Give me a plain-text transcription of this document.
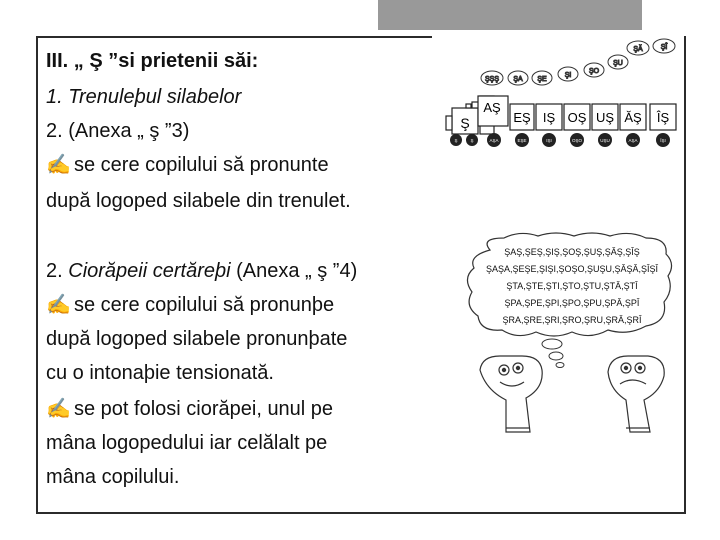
III. „ Ş ”si prietenii săi:
1. Trenuleþul silabelor
2. (Anexa „ ş ”3)
✍ se cere copilului să pronunte
după logoped silabele din trenulet.
2. Ciorăpeii certăreþi (Anexa „ ş ”4)
✍ se cere copilului să pronunþe
după logoped silabele pronunþate
cu o intonaþie tensionată.
✍ se pot folosi ciorăpei, unul pe
mâna logopedului iar celălalt pe
mâna copilului.
ŞÎ
ŞĂ
ŞU
ŞO
ŞI
ŞE
ŞA
ŞŞŞ
Ş
AŞ
EŞ IŞ OŞ UŞ ĂŞ ÎŞ
Ş	Ş	AŞA	EŞE	IŞI	OŞO	UŞU	AŞA	ÎŞI
ŞAŞ,ŞEŞ,ŞIŞ,ŞOŞ,ŞUŞ,ŞĂŞ,ŞÎŞ
ŞAŞA,ŞEŞE,ŞIŞI,ŞOŞO,ŞUŞU,ŞĂŞĂ,ŞÎŞÎ
ŞTA,ŞTE,ŞTI,ŞTO,ŞTU,ŞTĂ,ŞTÎ
ŞPA,ŞPE,ŞPI,ŞPO,ŞPU,ŞPĂ,ŞPÎ
ŞRA,ŞRE,ŞRI,ŞRO,ŞRU,ŞRĂ,ŞRÎ
